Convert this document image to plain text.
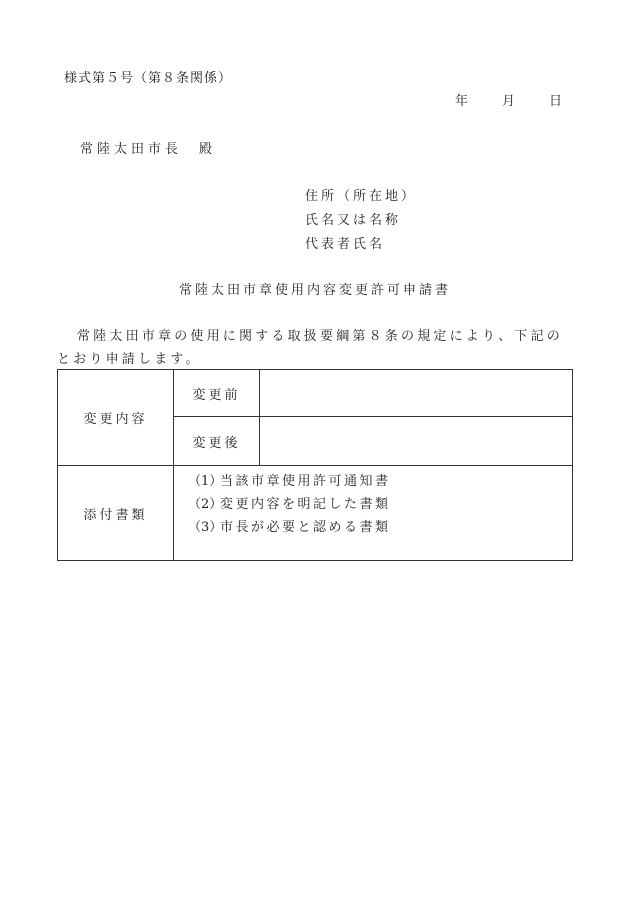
様式第５号（第８条関係）
年	月	日
常陸太田市長　殿
住所（所在地）
氏名又は名称
代表者氏名
常陸太田市章使用内容変更許可申請書
常陸太田市章の使用に関する取扱要綱第８条の規定により、下記のとおり申請します。
変更内容	変更前	
	変更後	
添付書類	（1）当該市章使用許可通知書
（2）変更内容を明記した書類
（3）市長が必要と認める書類	
